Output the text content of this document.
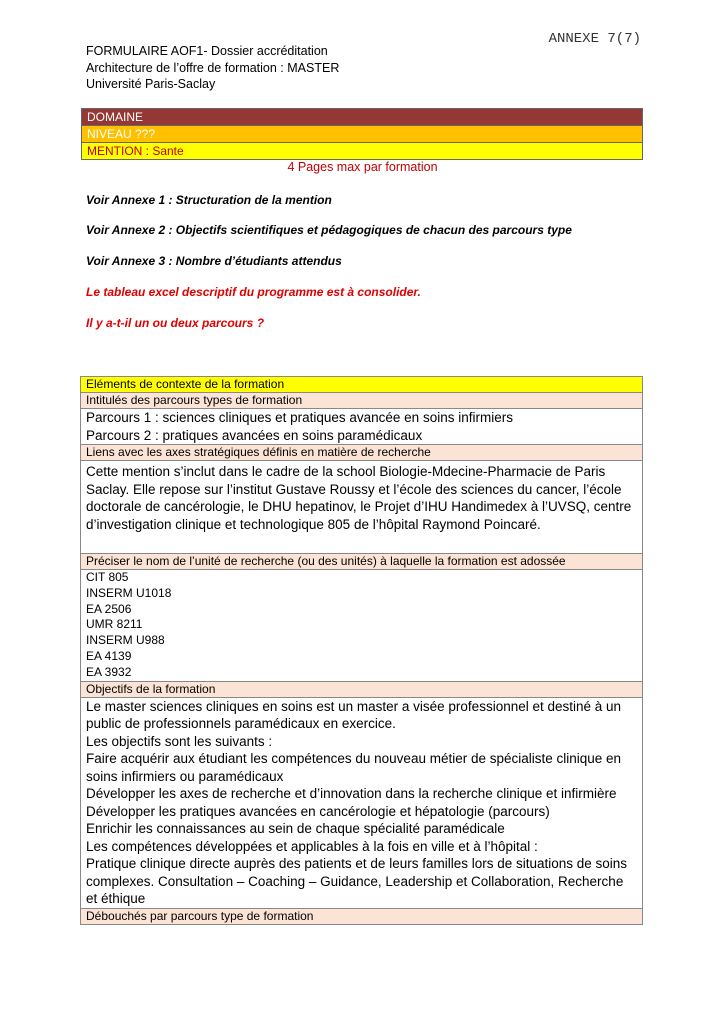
ANNEXE 7(7)
FORMULAIRE AOF1- Dossier accréditation
Architecture de l’offre de formation : MASTER
Université Paris-Saclay
DOMAINE
NIVEAU ???
MENTION : Sante
4 Pages max par formation
Voir Annexe 1 : Structuration de la mention
Voir Annexe 2 : Objectifs scientifiques et pédagogiques de chacun des parcours type
Voir Annexe 3 : Nombre d’étudiants attendus
Le tableau excel descriptif du programme est à consolider.
Il y a-t-il un ou deux parcours ?
Eléments de contexte de la formation
Intitulés des parcours types de formation

Parcours 1 : sciences cliniques et pratiques avancée en soins infirmiers
Parcours 2 : pratiques avancées en soins paramédicaux

Liens avec les axes stratégiques définis en matière de recherche

Cette mention s’inclut dans le cadre de la school Biologie-Mdecine-Pharmacie de Paris Saclay. Elle repose sur l’institut Gustave Roussy et l’école des sciences du cancer, l’école doctorale de cancérologie, le DHU hepatinov, le Projet d’IHU Handimedex à l’UVSQ, centre d’investigation clinique et technologique 805 de l’hôpital Raymond Poincaré.

Préciser le nom de l’unité de recherche (ou des unités) à laquelle la formation est adossée

CIT 805
INSERM U1018
EA 2506
UMR 8211
INSERM U988
EA 4139
EA 3932

Objectifs de la formation

Le master sciences cliniques en soins est un master a visée professionnel et destiné à un public de professionnels paramédicaux en exercice.
Les objectifs sont les suivants :
Faire acquérir aux étudiant les compétences du nouveau métier de spécialiste clinique en soins infirmiers ou paramédicaux
Développer les axes de recherche et d’innovation dans la recherche clinique et infirmière
Développer les pratiques avancées en cancérologie et hépatologie (parcours)
Enrichir les connaissances au sein de chaque spécialité paramédicale
Les compétences développées et applicables à la fois en ville et à l’hôpital :
Pratique clinique directe auprès des patients et de leurs familles lors de situations de soins complexes. Consultation – Coaching – Guidance, Leadership et Collaboration, Recherche et éthique

Débouchés par parcours type de formation
